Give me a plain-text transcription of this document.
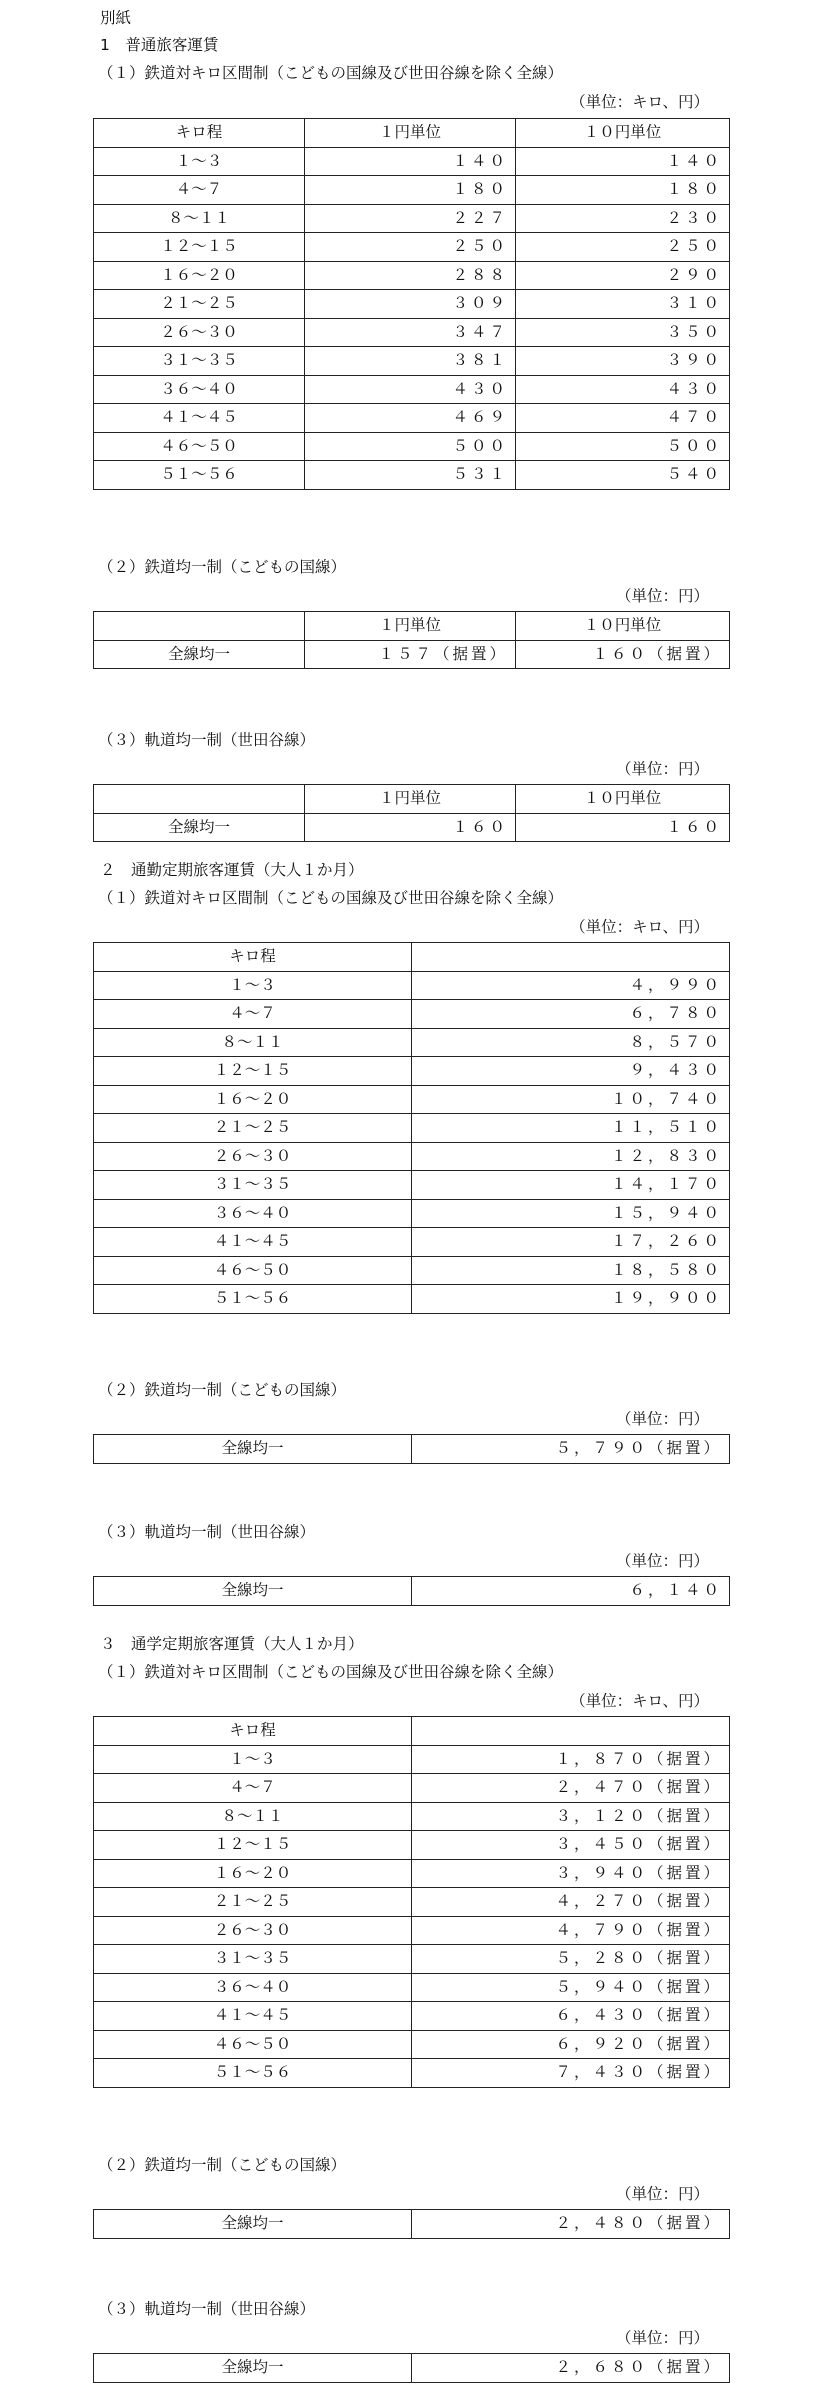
別紙
1　普通旅客運賃
（１）鉄道対キロ区間制（こどもの国線及び世田谷線を除く全線）
（単位：キロ、円）
キロ程	１円単位	１０円単位
１～３	１４０	１４０
４～７	１８０	１８０
８～１１	２２７	２３０
１２～１５	２５０	２５０
１６～２０	２８８	２９０
２１～２５	３０９	３１０
２６～３０	３４７	３５０
３１～３５	３８１	３９０
３６～４０	４３０	４３０
４１～４５	４６９	４７０
４６～５０	５００	５００
５１～５６	５３１	５４０
（２）鉄道均一制（こどもの国線）
（単位：円）
	１円単位	１０円単位
全線均一	１５７（据置）	１６０（据置）
（３）軌道均一制（世田谷線）
（単位：円）
	１円単位	１０円単位
全線均一	１６０	１６０
２　通勤定期旅客運賃（大人１か月）
（１）鉄道対キロ区間制（こどもの国線及び世田谷線を除く全線）
（単位：キロ、円）
キロ程	
１～３	４，９９０
４～７	６，７８０
８～１１	８，５７０
１２～１５	９，４３０
１６～２０	１０，７４０
２１～２５	１１，５１０
２６～３０	１２，８３０
３１～３５	１４，１７０
３６～４０	１５，９４０
４１～４５	１７，２６０
４６～５０	１８，５８０
５１～５６	１９，９００
（２）鉄道均一制（こどもの国線）
（単位：円）
全線均一	５，７９０（据置）
（３）軌道均一制（世田谷線）
（単位：円）
全線均一	６，１４０
３　通学定期旅客運賃（大人１か月）
（１）鉄道対キロ区間制（こどもの国線及び世田谷線を除く全線）
（単位：キロ、円）
キロ程	
１～３	１，８７０（据置）
４～７	２，４７０（据置）
８～１１	３，１２０（据置）
１２～１５	３，４５０（据置）
１６～２０	３，９４０（据置）
２１～２５	４，２７０（据置）
２６～３０	４，７９０（据置）
３１～３５	５，２８０（据置）
３６～４０	５，９４０（据置）
４１～４５	６，４３０（据置）
４６～５０	６，９２０（据置）
５１～５６	７，４３０（据置）
（２）鉄道均一制（こどもの国線）
（単位：円）
全線均一	２，４８０（据置）
（３）軌道均一制（世田谷線）
（単位：円）
全線均一	２，６８０（据置）
